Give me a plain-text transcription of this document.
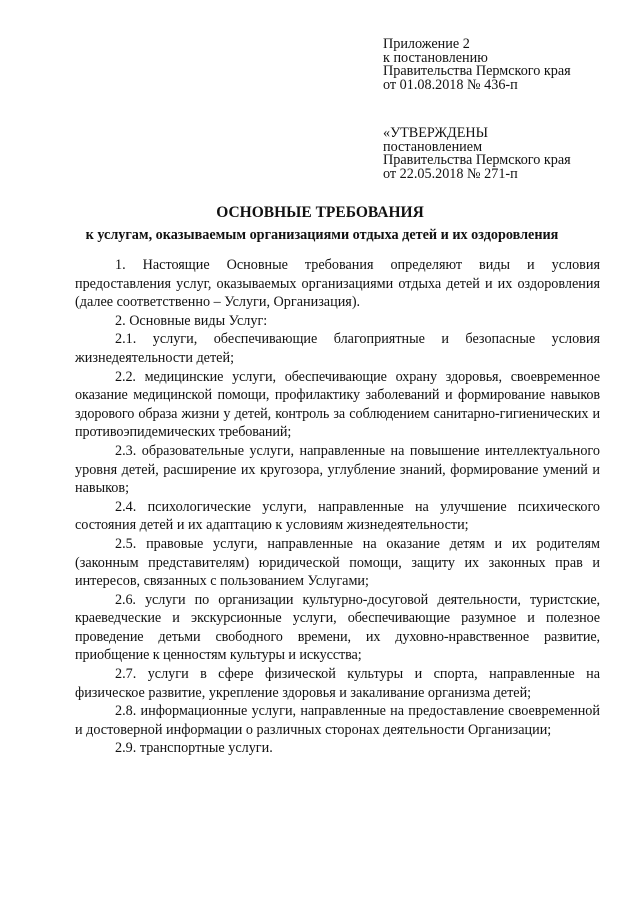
Приложение 2
к постановлению
Правительства Пермского края
от 01.08.2018 № 436-п
«УТВЕРЖДЕНЫ
постановлением
Правительства Пермского края
от 22.05.2018 № 271-п
ОСНОВНЫЕ ТРЕБОВАНИЯ
к услугам, оказываемым организациями отдыха детей и их оздоровления

1. Настоящие Основные требования определяют виды и условия предоставления услуг, оказываемых организациями отдыха детей и их оздоровления (далее соответственно – Услуги, Организация).

2. Основные виды Услуг:

2.1. услуги, обеспечивающие благоприятные и безопасные условия жизнедеятельности детей;

2.2. медицинские услуги, обеспечивающие охрану здоровья, своевременное оказание медицинской помощи, профилактику заболеваний и формирование навыков здорового образа жизни у детей, контроль за соблюдением санитарно-гигиенических и противоэпидемических требований;

2.3. образовательные услуги, направленные на повышение интеллектуального уровня детей, расширение их кругозора, углубление знаний, формирование умений и навыков;

2.4. психологические услуги, направленные на улучшение психического состояния детей и их адаптацию к условиям жизнедеятельности;

2.5. правовые услуги, направленные на оказание детям и их родителям (законным представителям) юридической помощи, защиту их законных прав и интересов, связанных с пользованием Услугами;

2.6. услуги по организации культурно-досуговой деятельности, туристские, краеведческие и экскурсионные услуги, обеспечивающие разумное и полезное проведение детьми свободного времени, их духовно-нравственное развитие, приобщение к ценностям культуры и искусства;

2.7. услуги в сфере физической культуры и спорта, направленные на физическое развитие, укрепление здоровья и закаливание организма детей;

2.8. информационные услуги, направленные на предоставление своевременной и достоверной информации о различных сторонах деятельности Организации;

2.9. транспортные услуги.
